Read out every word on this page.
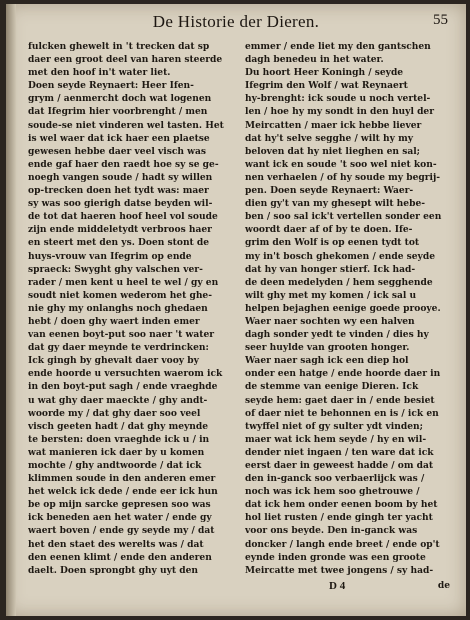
De Historie der Dieren.	55
fulcken ghewelt in 't trecken dat sp
daer een groot deel van haren steerde
met den hoof in't water liet.
Doen seyde Reynaert: Heer Ifen-
grym / aenmercht doch wat logenen
dat Ifegrim hier voorbrenght / men
soude-se niet vinderen wel tasten. Het
is wel waer dat ick haer een plaetse
gewesen hebbe daer veel visch was
ende gaf haer den raedt hoe sy se ge-
noegh vangen soude / hadt sy willen
op-trecken doen het tydt was: maer
sy was soo gierigh datse beyden wil-
de tot dat haeren hoof heel vol soude
zijn ende middeletydt verbroos haer
en steert met den ys. Doen stont de
huys-vrouw van Ifegrim op ende
spraeck: Swyght ghy valschen ver-
rader / men kent u heel te wel / gy en
soudt niet komen wederom het ghe-
nie ghy my onlanghs noch ghedaen
hebt / doen ghy waert inden emer
van eenen boyt-put soo naer 't water
dat gy daer meynde te verdrincken:
Ick gingh by ghevalt daer vooy by
ende hoorde u versuchten waerom ick
in den boyt-put sagh / ende vraeghde
u wat ghy daer maeckte / ghy andt-
woorde my / dat ghy daer soo veel
visch geeten hadt / dat ghy meynde
te bersten: doen vraeghde ick u / in
wat manieren ick daer by u komen
mochte / ghy andtwoorde / dat ick
klimmen soude in den anderen emer
het welck ick dede / ende eer ick hun
be op mijn sarcke gepresen soo was
ick beneden aen het water / ende gy
waert boven / ende gy seyde my / dat
het den staet des werelts was / dat
den eenen klimt / ende den anderen
daelt. Doen sprongbt ghy uyt den
emmer / ende liet my den gantschen
dagh benedeu in het water.
Du hoort Heer Koningh / seyde
Ifegrim den Wolf / wat Reynaert
hy-brenght: ick soude u noch vertel-
len / hoe hy my sondt in den huyl der
Meircatten / maer ick hebbe liever
dat hy't selve segghe / wilt hy my
beloven dat hy niet lieghen en sal;
want ick en soude 't soo wel niet kon-
nen verhaelen / of hy soude my begrij-
pen. Doen seyde Reynaert: Waer-
dien gy't van my ghesept wilt hebe-
ben / soo sal ick't vertellen sonder een
woordt daer af of by te doen. Ife-
grim den Wolf is op eenen tydt tot
my in't bosch ghekomen / ende seyde
dat hy van honger stierf. Ick had-
de deen medelyden / hem segghende
wilt ghy met my komen / ick sal u
helpen bejaghen eenige goede prooye.
Waer naer sochten wy een halven
dagh sonder yedt te vinden / dies hy
seer huylde van grooten honger.
Waer naer sagh ick een diep hol
onder een hatge / ende hoorde daer in
de stemme van eenige Dieren. Ick
seyde hem: gaet daer in / ende besiet
of daer niet te behonnen en is / ick en
twyffel niet of gy sulter ydt vinden;
maer wat ick hem seyde / hy en wil-
dender niet ingaen / ten ware dat ick
eerst daer in geweest hadde / om dat
den in-ganck soo verbaerlijck was /
noch was ick hem soo ghetrouwe /
dat ick hem onder eenen boom by het
hol liet rusten / ende gingh ter yacht
voor ons beyde. Den in-ganck was
doncker / langh ende breet / ende op't
eynde inden gronde was een groote
Meircatte met twee jongens / sy had-
D 4	de
